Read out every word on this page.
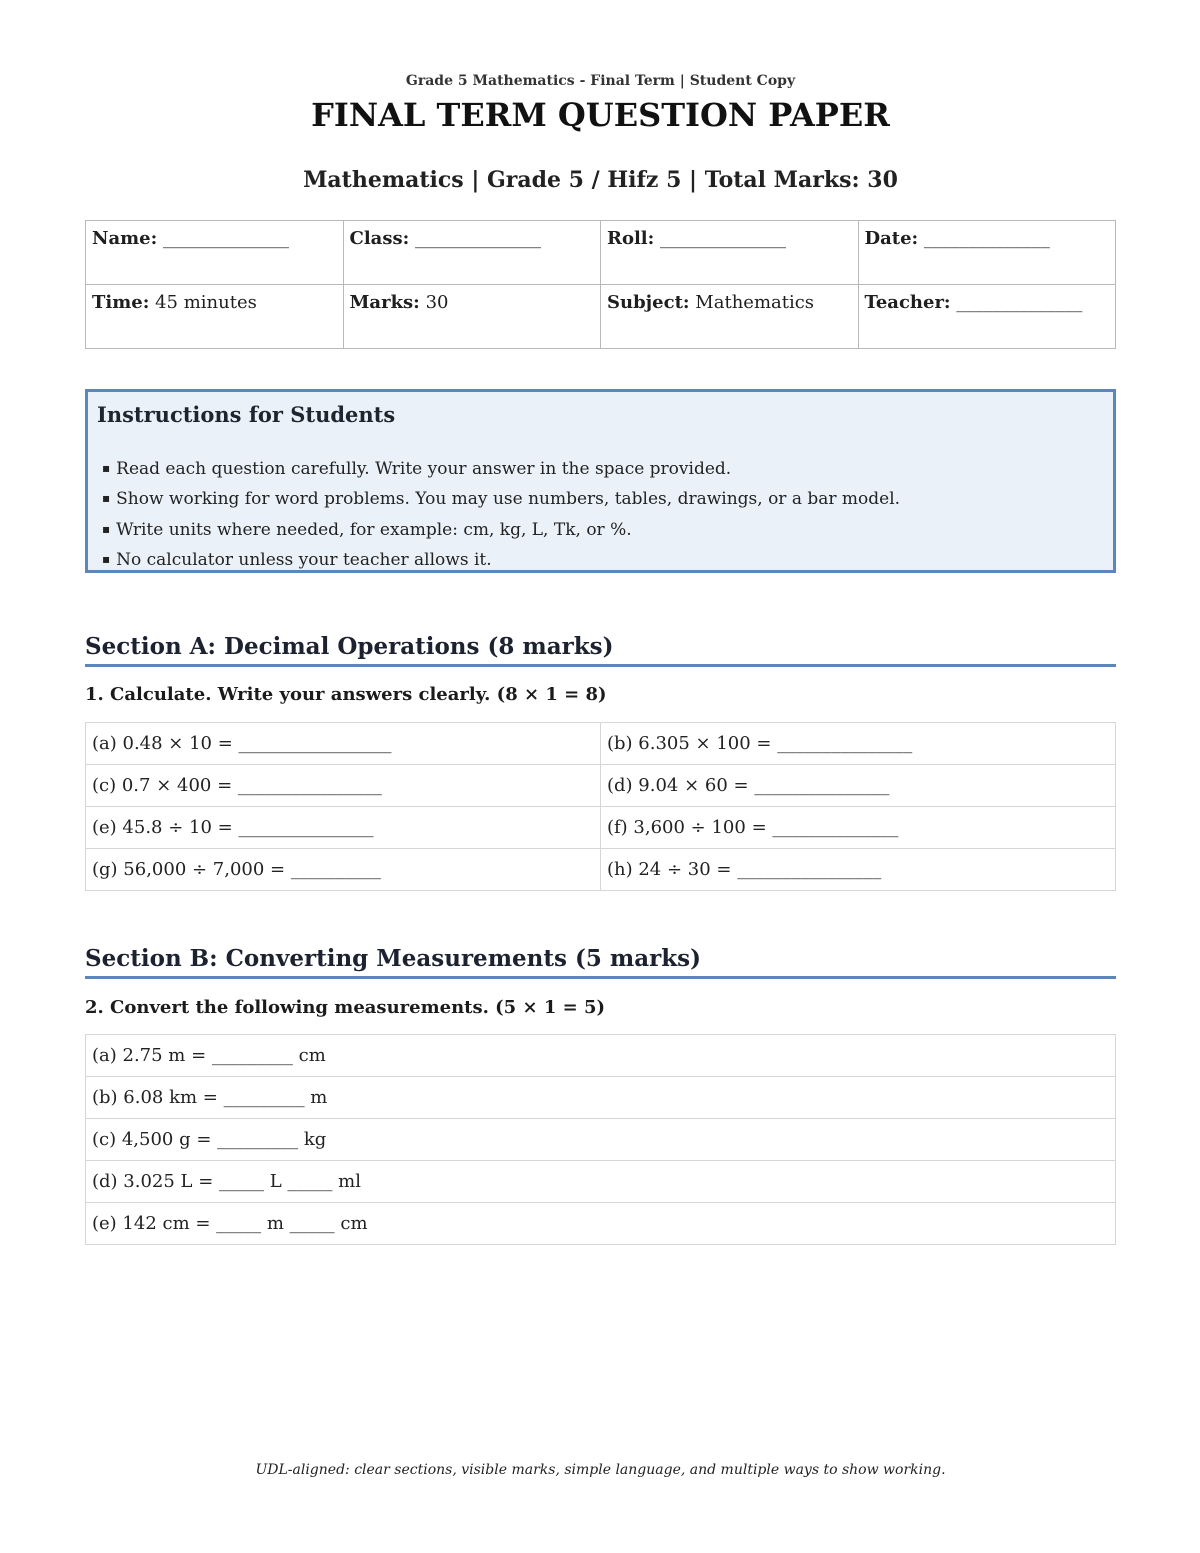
Grade 5 Mathematics - Final Term | Student Copy
FINAL TERM QUESTION PAPER
Mathematics | Grade 5 / Hifz 5 | Total Marks: 30
Name: ______________	Class: ______________	Roll: ______________	Date: ______________
Time: 45 minutes	Marks: 30	Subject: Mathematics	Teacher: ______________
Instructions for Students
▪ Read each question carefully. Write your answer in the space provided.
▪ Show working for word problems. You may use numbers, tables, drawings, or a bar model.
▪ Write units where needed, for example: cm, kg, L, Tk, or %.
▪ No calculator unless your teacher allows it.
Section A: Decimal Operations (8 marks)
1. Calculate. Write your answers clearly. (8 × 1 = 8)
(a) 0.48 × 10 = _________________	(b) 6.305 × 100 = _______________
(c) 0.7 × 400 = ________________	(d) 9.04 × 60 = _______________
(e) 45.8 ÷ 10 = _______________	(f) 3,600 ÷ 100 = ______________
(g) 56,000 ÷ 7,000 = __________	(h) 24 ÷ 30 = ________________
Section B: Converting Measurements (5 marks)
2. Convert the following measurements. (5 × 1 = 5)
(a) 2.75 m = _________ cm
(b) 6.08 km = _________ m
(c) 4,500 g = _________ kg
(d) 3.025 L = _____ L _____ ml
(e) 142 cm = _____ m _____ cm
UDL-aligned: clear sections, visible marks, simple language, and multiple ways to show working.
